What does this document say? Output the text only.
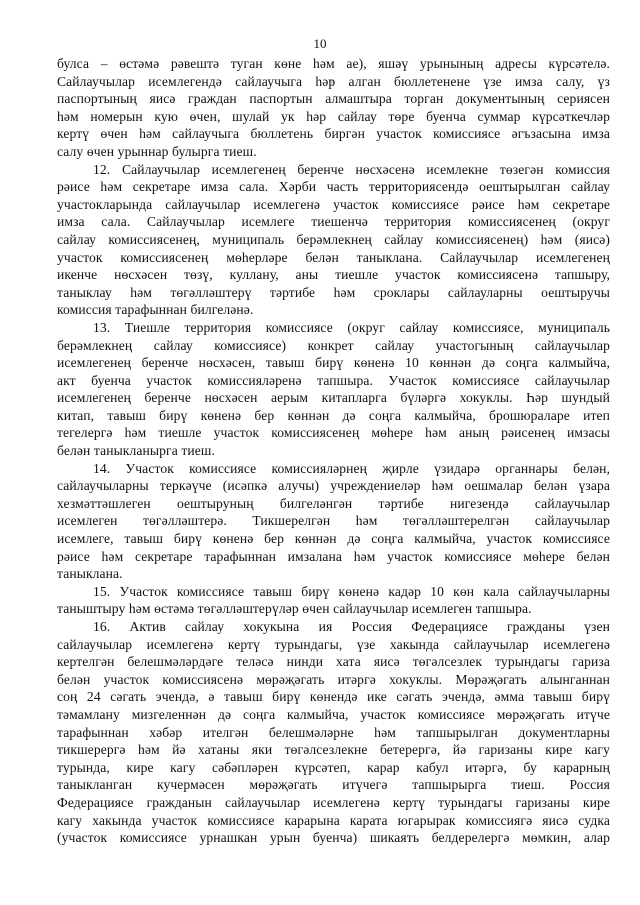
10
булса – өстәмә рәвештә туган көне һәм ае), яшәү урынының адресы күрсәтелә.
Сайлаучылар исемлегендә сайлаучыга һәр алган бюллетенене үзе имза салу, үз
паспортының яисә граждан паспортын алмаштыра торган документының сериясен
һәм номерын кую өчен, шулай ук һәр сайлау төре буенча суммар күрсәткечләр
кертү өчен һәм сайлаучыга бюллетень биргән участок комиссиясе әгъзасына имза
салу өчен урыннар булырга тиеш.
12. Сайлаучылар исемлегенең беренче нөсхәсенә исемлекне төзегән комиссия
рәисе һәм секретаре имза сала. Хәрби часть территориясендә оештырылган сайлау
участокларында сайлаучылар исемлегенә участок комиссиясе рәисе һәм секретаре
имза сала. Сайлаучылар исемлеге тиешенчә территория комиссиясенең (округ
сайлау комиссиясенең, муниципаль берәмлекнең сайлау комиссиясенең) һәм (яисә)
участок комиссиясенең мөһерләре белән таныклана. Сайлаучылар исемлегенең
икенче нөсхәсен төзү, куллану, аны тиешле участок комиссиясенә тапшыру,
таныклау һәм төгәлләштерү тәртибе һәм сроклары сайлауларны оештыручы
комиссия тарафыннан билгеләнә.
13. Тиешле территория комиссиясе (округ сайлау комиссиясе, муниципаль
берәмлекнең сайлау комиссиясе) конкрет сайлау участогының сайлаучылар
исемлегенең беренче нөсхәсен, тавыш бирү көненә 10 көннән дә соңга калмыйча,
акт буенча участок комиссияләренә тапшыра. Участок комиссиясе сайлаучылар
исемлегенең беренче нөсхәсен аерым китапларга бүләргә хокуклы. Һәр шундый
китап, тавыш бирү көненә бер көннән дә соңга калмыйча, брошюраларе итеп
тегелергә һәм тиешле участок комиссиясенең мөһере һәм аның рәисенең имзасы
белән таныкланырга тиеш.
14. Участок комиссиясе комиссияләрнең җирле үзидарә органнары белән,
сайлаучыларны теркәүче (исәпкә алучы) учреждениеләр һәм оешмалар белән үзара
хезмәттәшлеген оештыруның билгеләнгән тәртибе нигезендә сайлаучылар
исемлеген төгәлләштерә. Тикшерелгән һәм төгәлләштерелгән сайлаучылар
исемлеге, тавыш бирү көненә бер көннән дә соңга калмыйча, участок комиссиясе
рәисе һәм секретаре тарафыннан имзалана һәм участок комиссиясе мөһере белән
таныклана.
15. Участок комиссиясе тавыш бирү көненә кадәр 10 көн кала сайлаучыларны
таныштыру һәм өстәмә төгәлләштерүләр өчен сайлаучылар исемлеген тапшыра.
16. Актив сайлау хокукына ия Россия Федерациясе гражданы үзен
сайлаучылар исемлегенә кертү турындагы, үзе хакында сайлаучылар исемлегенә
кертелгән белешмәләрдәге теләсә нинди хата яисә төгәлсезлек турындагы гариза
белән участок комиссиясенә мөрәҗәгать итәргә хокуклы. Мөрәҗәгать алынганнан
соң 24 сәгать эчендә, ә тавыш бирү көнендә ике сәгать эчендә, әмма тавыш бирү
тәмамлану мизгеленнән дә соңга калмыйча, участок комиссиясе мөрәҗәгать итүче
тарафыннан хәбәр ителгән белешмәләрне һәм тапшырылган документларны
тикшерергә һәм йә хатаны яки төгәлсезлекне бетерергә, йә гаризаны кире кагу
турында, кире кагу сәбәпләрен күрсәтеп, карар кабул итәргә, бу карарның
таныкланган кучермәсен мөрәҗәгать итүчегә тапшырырга тиеш. Россия
Федерациясе гражданын сайлаучылар исемлегенә кертү турындагы гаризаны кире
кагу хакында участок комиссиясе карарына карата югарырак комиссиягә яисә судка
(участок комиссиясе урнашкан урын буенча) шикаять белдерелергә мөмкин, алар
